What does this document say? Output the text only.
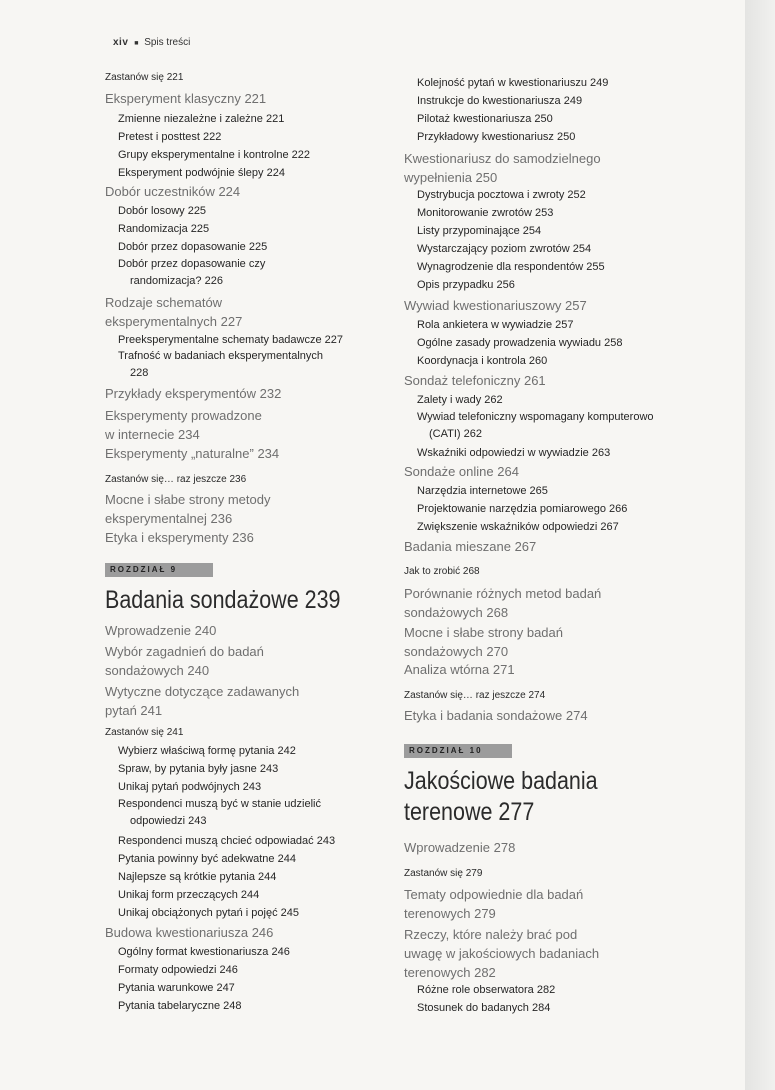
xiv ■ Spis treści
Zastanów się 221
Eksperyment klasyczny 221
Zmienne niezależne i zależne 221
Pretest i posttest 222
Grupy eksperymentalne i kontrolne 222
Eksperyment podwójnie ślepy 224
Dobór uczestników 224
Dobór losowy 225
Randomizacja 225
Dobór przez dopasowanie 225
Dobór przez dopasowanie czy
randomizacja? 226
Rodzaje schematów
eksperymentalnych 227
Preeksperymentalne schematy badawcze 227
Trafność w badaniach eksperymentalnych
228
Przykłady eksperymentów 232
Eksperymenty prowadzone
w internecie 234
Eksperymenty „naturalne” 234
Zastanów się… raz jeszcze 236
Mocne i słabe strony metody
eksperymentalnej 236
Etyka i eksperymenty 236
ROZDZIAŁ 9
Badania sondażowe 239
Wprowadzenie 240
Wybór zagadnień do badań
sondażowych 240
Wytyczne dotyczące zadawanych
pytań 241
Zastanów się 241
Wybierz właściwą formę pytania 242
Spraw, by pytania były jasne 243
Unikaj pytań podwójnych 243
Respondenci muszą być w stanie udzielić
odpowiedzi 243
Respondenci muszą chcieć odpowiadać 243
Pytania powinny być adekwatne 244
Najlepsze są krótkie pytania 244
Unikaj form przeczących 244
Unikaj obciążonych pytań i pojęć 245
Budowa kwestionariusza 246
Ogólny format kwestionariusza 246
Formaty odpowiedzi 246
Pytania warunkowe 247
Pytania tabelaryczne 248
Kolejność pytań w kwestionariuszu 249
Instrukcje do kwestionariusza 249
Pilotaż kwestionariusza 250
Przykładowy kwestionariusz 250
Kwestionariusz do samodzielnego
wypełnienia 250
Dystrybucja pocztowa i zwroty 252
Monitorowanie zwrotów 253
Listy przypominające 254
Wystarczający poziom zwrotów 254
Wynagrodzenie dla respondentów 255
Opis przypadku 256
Wywiad kwestionariuszowy 257
Rola ankietera w wywiadzie 257
Ogólne zasady prowadzenia wywiadu 258
Koordynacja i kontrola 260
Sondaż telefoniczny 261
Zalety i wady 262
Wywiad telefoniczny wspomagany komputerowo
(CATI) 262
Wskaźniki odpowiedzi w wywiadzie 263
Sondaże online 264
Narzędzia internetowe 265
Projektowanie narzędzia pomiarowego 266
Zwiększenie wskaźników odpowiedzi 267
Badania mieszane 267
Jak to zrobić 268
Porównanie różnych metod badań
sondażowych 268
Mocne i słabe strony badań
sondażowych 270
Analiza wtórna 271
Zastanów się… raz jeszcze 274
Etyka i badania sondażowe 274
ROZDZIAŁ 10
Jakościowe badania
terenowe 277
Wprowadzenie 278
Zastanów się 279
Tematy odpowiednie dla badań
terenowych 279
Rzeczy, które należy brać pod
uwagę w jakościowych badaniach
terenowych 282
Różne role obserwatora 282
Stosunek do badanych 284
